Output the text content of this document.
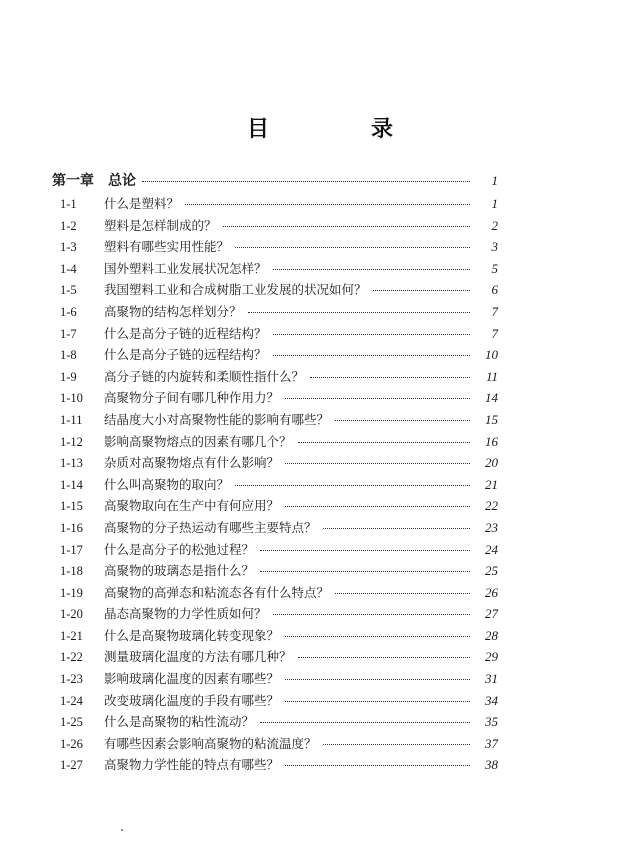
目　录
第一章	总论	1
1-1	什么是塑料？	1
1-2	塑料是怎样制成的？	2
1-3	塑料有哪些实用性能？	3
1-4	国外塑料工业发展状况怎样？	5
1-5	我国塑料工业和合成树脂工业发展的状况如何？	6
1-6	高聚物的结构怎样划分？	7
1-7	什么是高分子链的近程结构？	7
1-8	什么是高分子链的远程结构？	10
1-9	高分子链的内旋转和柔顺性指什么？	11
1-10	高聚物分子间有哪几种作用力？	14
1-11	结晶度大小对高聚物性能的影响有哪些？	15
1-12	影响高聚物熔点的因素有哪几个？	16
1-13	杂质对高聚物熔点有什么影响？	20
1-14	什么叫高聚物的取向？	21
1-15	高聚物取向在生产中有何应用？	22
1-16	高聚物的分子热运动有哪些主要特点？	23
1-17	什么是高分子的松弛过程？	24
1-18	高聚物的玻璃态是指什么？	25
1-19	高聚物的高弹态和粘流态各有什么特点？	26
1-20	晶态高聚物的力学性质如何？	27
1-21	什么是高聚物玻璃化转变现象？	28
1-22	测量玻璃化温度的方法有哪几种？	29
1-23	影响玻璃化温度的因素有哪些？	31
1-24	改变玻璃化温度的手段有哪些？	34
1-25	什么是高聚物的粘性流动？	35
1-26	有哪些因素会影响高聚物的粘流温度？	37
1-27	高聚物力学性能的特点有哪些？	38
